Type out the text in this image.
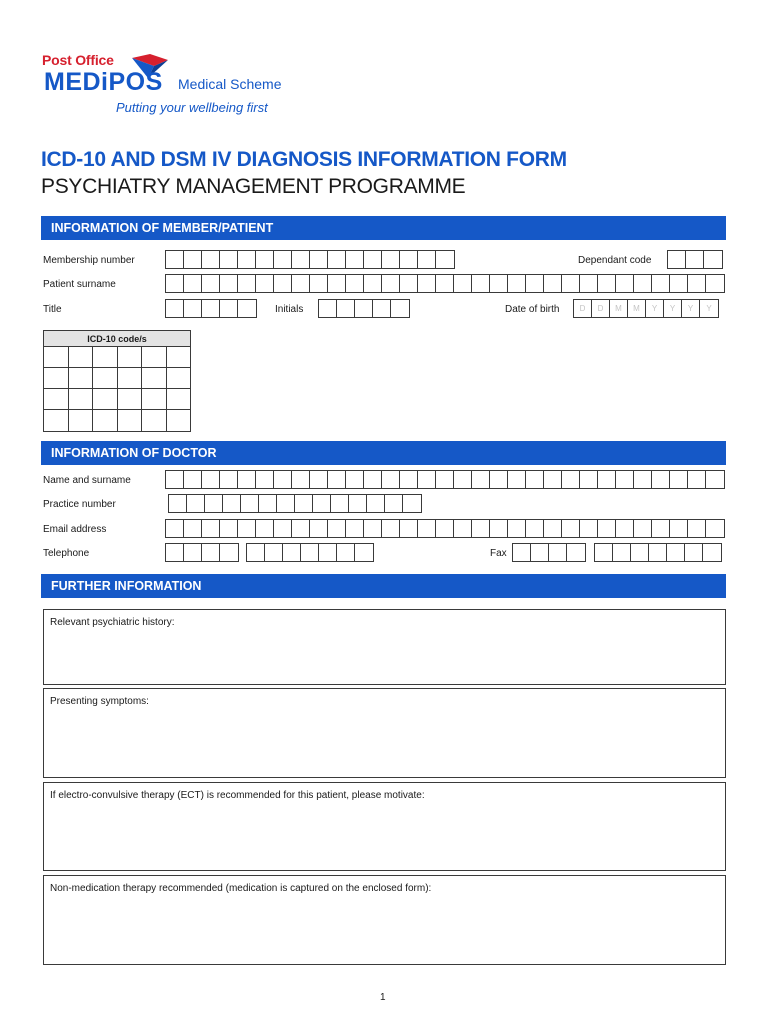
Post Office
MEDiPOS Medical Scheme
Putting your wellbeing first
ICD-10 AND DSM IV DIAGNOSIS INFORMATION FORM
PSYCHIATRY MANAGEMENT PROGRAMME
INFORMATION OF MEMBER/PATIENT
Membership number	Dependant code
Patient surname
Title	Initials	Date of birth	D	D	M	M	Y	Y	Y	Y
ICD-10 code/s
INFORMATION OF DOCTOR
Name and surname
Practice number
Email address
Telephone	Fax
FURTHER INFORMATION
Relevant psychiatric history:
Presenting symptoms:
If electro-convulsive therapy (ECT) is recommended for this patient, please motivate:
Non-medication therapy recommended (medication is captured on the enclosed form):
1
